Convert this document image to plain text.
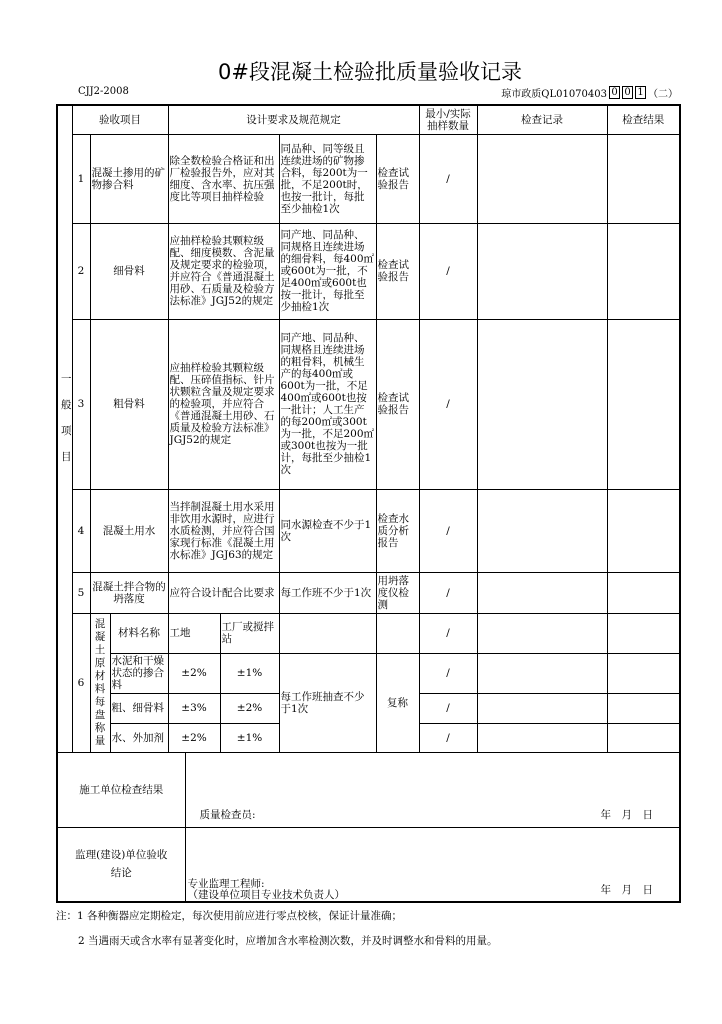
0#段混凝土检验批质量验收记录
CJJ2-2008	琼市政质QL01070403 0 0 1 （二）
一般项目	验收项目			设计要求及规范规定					最小/实际抽样数量	检查记录	检查结果
	1	混凝土掺用的矿物掺合料		除全数检验合格证和出厂检验报告外，应对其细度、含水率、抗压强度比等项目抽样检验			同品种、同等级且连续进场的矿物掺合料，每200t为一批，不足200t时，也按一批计，每批至少抽检1次	检查试验报告	/		
	2	细骨料		应抽样检验其颗粒级配、细度模数、含泥量及规定要求的检验项，并应符合《普通混凝土用砂、石质量及检验方法标准》JGJ52的规定			同产地、同品种、同规格且连续进场的细骨料，每400㎡或600t为一批，不足400㎡或600t也按一批计，每批至少抽检1次	检查试验报告	/		
	3	粗骨料		应抽样检验其颗粒级配、压碎值指标、针片状颗粒含量及规定要求的检验项，并应符合《普通混凝土用砂、石质量及检验方法标准》JGJ52的规定			同产地、同品种、同规格且连续进场的粗骨料，机械生产的每400㎡或600t为一批，不足400㎡或600t也按一批计；人工生产的每200㎡或300t为一批，不足200㎡或300t也按为一批计，每批至少抽检1次	检查试验报告	/		
	4	混凝土用水		当拌制混凝土用水采用非饮用水源时，应进行水质检测，并应符合国家现行标准《混凝土用水标准》JGJ63的规定			同水源检查不少于1次	检查水质分析报告	/		
	5	混凝土拌合物的坍落度		应符合设计配合比要求			每工作班不少于1次	用坍落度仪检测	/		
	6	混凝土原材料每盘称量	材料名称	工地		工厂或搅拌站			/		
			水泥和干燥状态的掺合料	±2%		±1%	每工作班抽查不少于1次	复称	/		
			粗、细骨料	±3%		±2%			/		
			水、外加剂	±2%		±1%			/		
施工单位检查结果					质量检查员: 年　月　日						

监理(建设)单位验收结论					专业监理工程师:
（建设单位项目专业技术负责人） 年　月　日						
注：1 各种衡器应定期检定，每次使用前应进行零点校核，保证计量准确；
2 当遇雨天或含水率有显著变化时，应增加含水率检测次数，并及时调整水和骨料的用量。
